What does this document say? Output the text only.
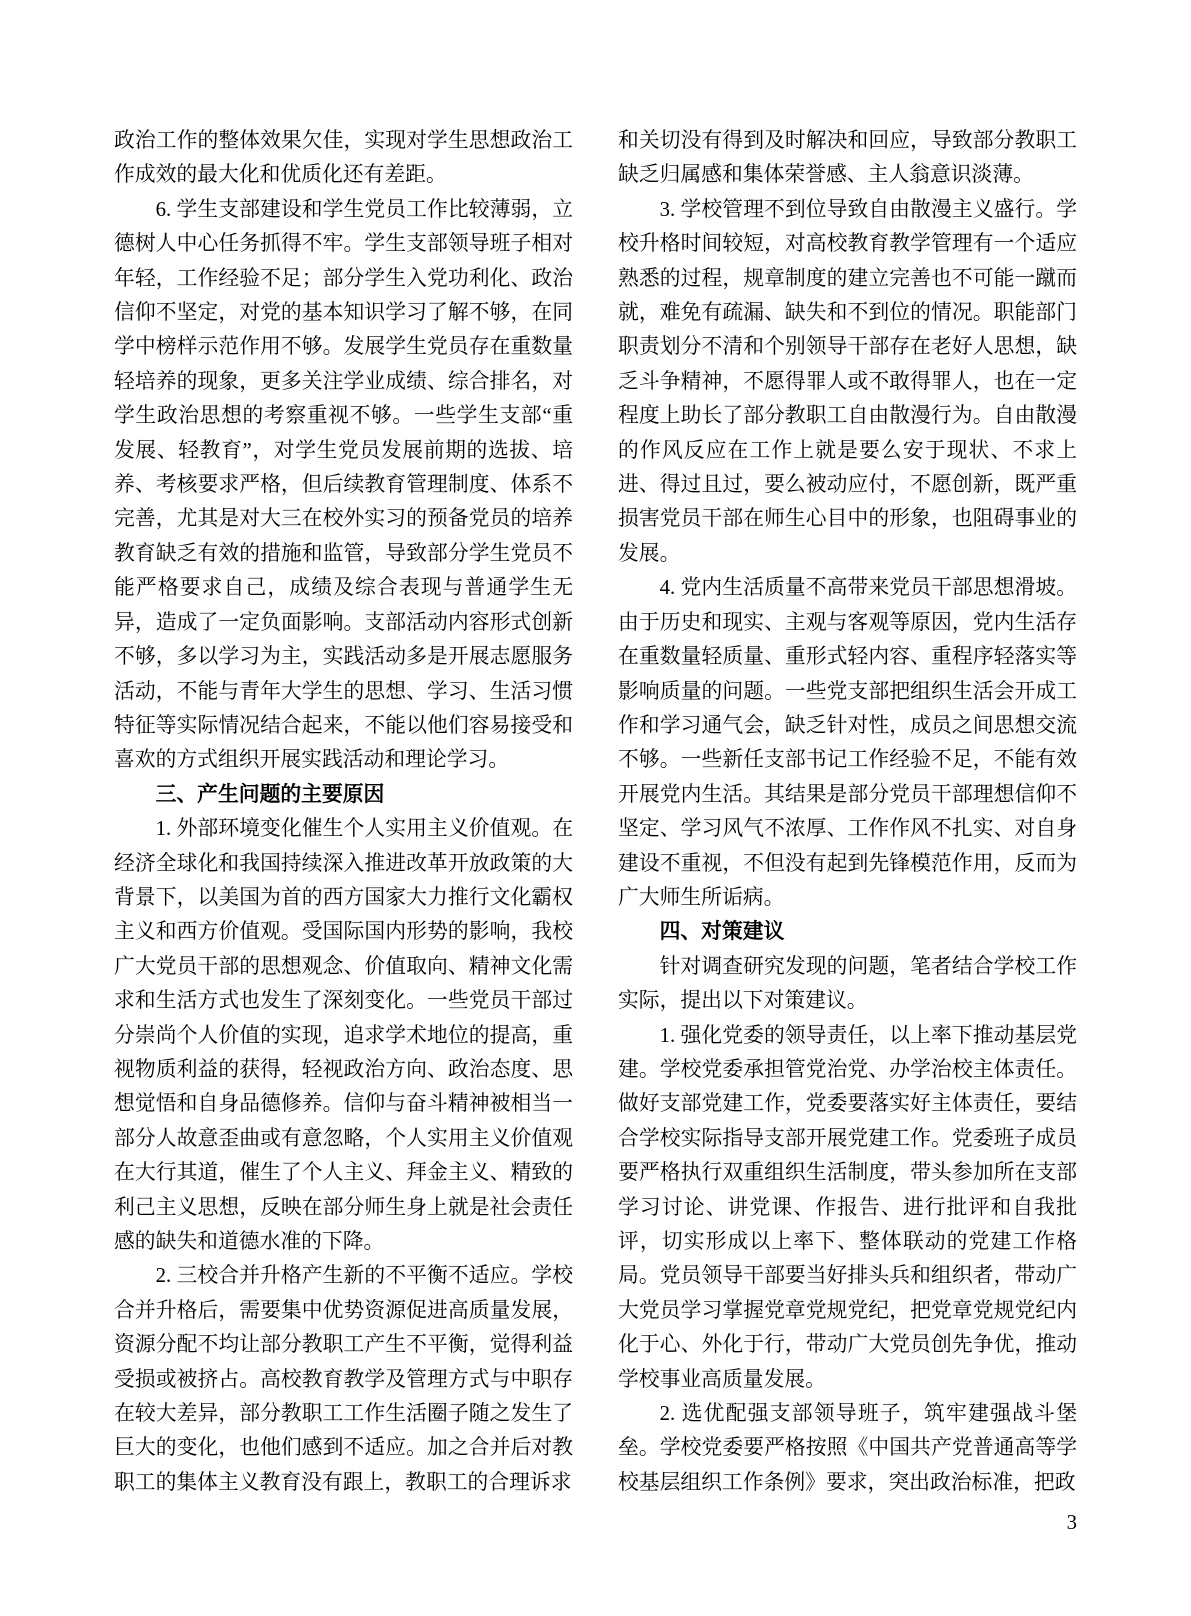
政治工作的整体效果欠佳，实现对学生思想政治工作成效的最大化和优质化还有差距。

6. 学生支部建设和学生党员工作比较薄弱，立德树人中心任务抓得不牢。学生支部领导班子相对年轻，工作经验不足；部分学生入党功利化、政治信仰不坚定，对党的基本知识学习了解不够，在同学中榜样示范作用不够。发展学生党员存在重数量轻培养的现象，更多关注学业成绩、综合排名，对学生政治思想的考察重视不够。一些学生支部“重发展、轻教育”，对学生党员发展前期的选拔、培养、考核要求严格，但后续教育管理制度、体系不完善，尤其是对大三在校外实习的预备党员的培养教育缺乏有效的措施和监管，导致部分学生党员不能严格要求自己，成绩及综合表现与普通学生无异，造成了一定负面影响。支部活动内容形式创新不够，多以学习为主，实践活动多是开展志愿服务活动，不能与青年大学生的思想、学习、生活习惯特征等实际情况结合起来，不能以他们容易接受和喜欢的方式组织开展实践活动和理论学习。

三、产生问题的主要原因

1. 外部环境变化催生个人实用主义价值观。在经济全球化和我国持续深入推进改革开放政策的大背景下，以美国为首的西方国家大力推行文化霸权主义和西方价值观。受国际国内形势的影响，我校广大党员干部的思想观念、价值取向、精神文化需求和生活方式也发生了深刻变化。一些党员干部过分崇尚个人价值的实现，追求学术地位的提高，重视物质利益的获得，轻视政治方向、政治态度、思想觉悟和自身品德修养。信仰与奋斗精神被相当一部分人故意歪曲或有意忽略，个人实用主义价值观在大行其道，催生了个人主义、拜金主义、精致的利己主义思想，反映在部分师生身上就是社会责任感的缺失和道德水准的下降。

2. 三校合并升格产生新的不平衡不适应。学校合并升格后，需要集中优势资源促进高质量发展，资源分配不均让部分教职工产生不平衡，觉得利益受损或被挤占。高校教育教学及管理方式与中职存在较大差异，部分教职工工作生活圈子随之发生了巨大的变化，也他们感到不适应。加之合并后对教职工的集体主义教育没有跟上，教职工的合理诉求

和关切没有得到及时解决和回应，导致部分教职工缺乏归属感和集体荣誉感、主人翁意识淡薄。

3. 学校管理不到位导致自由散漫主义盛行。学校升格时间较短，对高校教育教学管理有一个适应熟悉的过程，规章制度的建立完善也不可能一蹴而就，难免有疏漏、缺失和不到位的情况。职能部门职责划分不清和个别领导干部存在老好人思想，缺乏斗争精神，不愿得罪人或不敢得罪人，也在一定程度上助长了部分教职工自由散漫行为。自由散漫的作风反应在工作上就是要么安于现状、不求上进、得过且过，要么被动应付，不愿创新，既严重损害党员干部在师生心目中的形象，也阻碍事业的发展。

4. 党内生活质量不高带来党员干部思想滑坡。由于历史和现实、主观与客观等原因，党内生活存在重数量轻质量、重形式轻内容、重程序轻落实等影响质量的问题。一些党支部把组织生活会开成工作和学习通气会，缺乏针对性，成员之间思想交流不够。一些新任支部书记工作经验不足，不能有效开展党内生活。其结果是部分党员干部理想信仰不坚定、学习风气不浓厚、工作作风不扎实、对自身建设不重视，不但没有起到先锋模范作用，反而为广大师生所诟病。

四、对策建议

针对调查研究发现的问题，笔者结合学校工作实际，提出以下对策建议。

1. 强化党委的领导责任，以上率下推动基层党建。学校党委承担管党治党、办学治校主体责任。做好支部党建工作，党委要落实好主体责任，要结合学校实际指导支部开展党建工作。党委班子成员要严格执行双重组织生活制度，带头参加所在支部学习讨论、讲党课、作报告、进行批评和自我批评，切实形成以上率下、整体联动的党建工作格局。党员领导干部要当好排头兵和组织者，带动广大党员学习掌握党章党规党纪，把党章党规党纪内化于心、外化于行，带动广大党员创先争优，推动学校事业高质量发展。

2. 选优配强支部领导班子，筑牢建强战斗堡垒。学校党委要严格按照《中国共产党普通高等学校基层组织工作条例》要求，突出政治标准，把政

3
